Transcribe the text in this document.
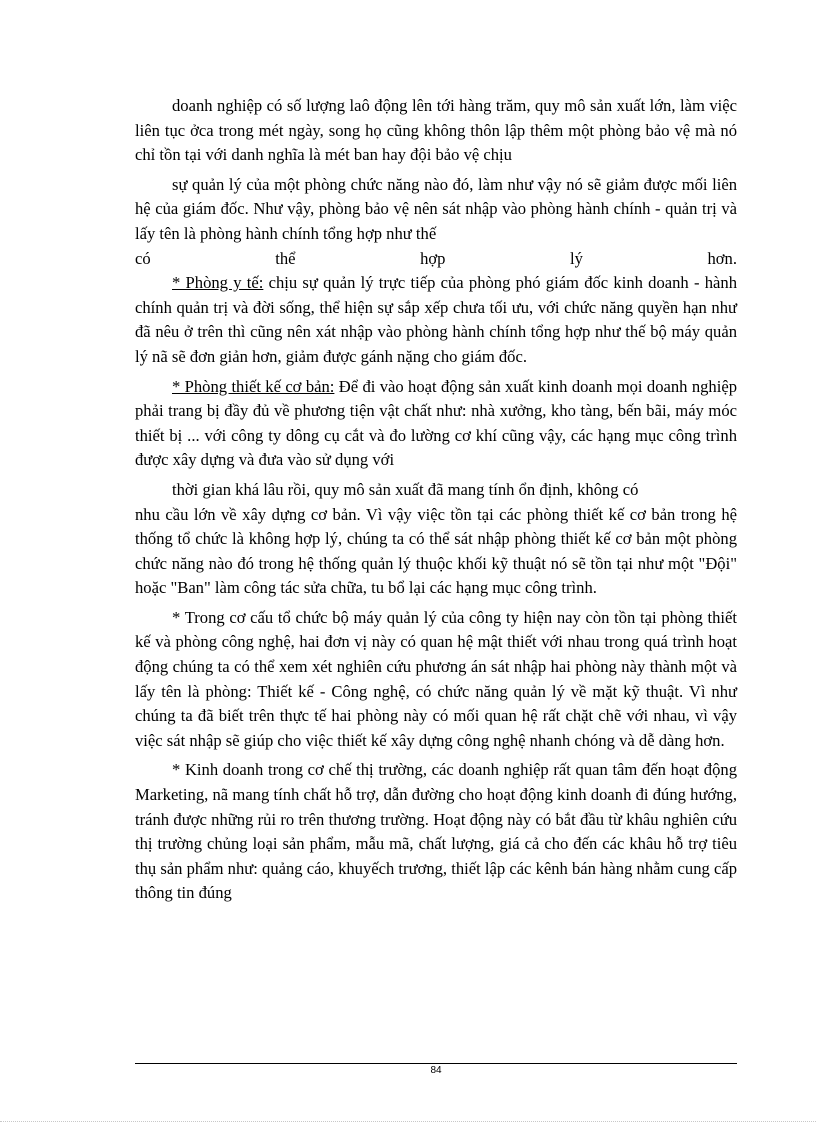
doanh nghiệp có số lượng laô động lên tới hàng trăm, quy mô sản xuất lớn, làm việc liên tục ởca trong mét ngày, song họ cũng không thôn lập thêm một phòng bảo vệ mà nó chỉ tồn tại với danh nghĩa là mét ban hay đội bảo vệ chịu

sự quản lý của một phòng chức năng nào đó, làm như vậy nó sẽ giảm được mối liên hệ của giám đốc. Như vậy, phòng bảo vệ nên sát nhập vào phòng hành chính - quản trị và lấy tên là phòng hành chính tổng hợp như thế

có thể hợp lý hơn.

* Phòng y tế: chịu sự quản lý trực tiếp của phòng phó giám đốc kinh doanh - hành chính quản trị và đời sống, thể hiện sự sắp xếp chưa tối ưu, với chức năng quyền hạn như đã nêu ở trên thì cũng nên xát nhập vào phòng hành chính tổng hợp như thế bộ máy quản lý nã sẽ đơn giản hơn, giảm được gánh nặng cho giám đốc.

* Phòng thiết kế cơ bản: Để đi vào hoạt động sản xuất kinh doanh mọi doanh nghiệp phải trang bị đầy đủ về phương tiện vật chất như: nhà xưởng, kho tàng, bến bãi, máy móc thiết bị ... với công ty dông cụ cắt và đo lường cơ khí cũng vậy, các hạng mục công trình được xây dựng và đưa vào sử dụng với

thời gian khá lâu rồi, quy mô sản xuất đã mang tính ổn định, không có

nhu cầu lớn về xây dựng cơ bản. Vì vậy việc tồn tại các phòng thiết kế cơ bản trong hệ thống tổ chức là không hợp lý, chúng ta có thể sát nhập phòng thiết kế cơ bản một phòng chức năng nào đó trong hệ thống quản lý thuộc khối kỹ thuật nó sẽ tồn tại như một "Đội" hoặc "Ban" làm công tác sửa chữa, tu bổ lại các hạng mục công trình.

* Trong cơ cấu tổ chức bộ máy quản lý của công ty hiện nay còn tồn tại phòng thiết kế và phòng công nghệ, hai đơn vị này có quan hệ mật thiết với nhau trong quá trình hoạt động chúng ta có thể xem xét nghiên cứu phương án sát nhập hai phòng này thành một và lấy tên là phòng: Thiết kế - Công nghệ, có chức năng quản lý về mặt kỹ thuật. Vì như chúng ta đã biết trên thực tế hai phòng này có mối quan hệ rất chặt chẽ với nhau, vì vậy việc sát nhập sẽ giúp cho việc thiết kế xây dựng công nghệ nhanh chóng và dễ dàng hơn.

* Kinh doanh trong cơ chế thị trường, các doanh nghiệp rất quan tâm đến hoạt động Marketing, nã mang tính chất hỗ trợ, dẫn đường cho hoạt động kinh doanh đi đúng hướng, tránh được những rủi ro trên thương trường. Hoạt động này có bắt đầu từ khâu nghiên cứu thị trường chủng loại sản phẩm, mẫu mã, chất lượng, giá cả cho đến các khâu hỗ trợ tiêu thụ sản phẩm như: quảng cáo, khuyếch trương, thiết lập các kênh bán hàng nhằm cung cấp thông tin đúng

84
